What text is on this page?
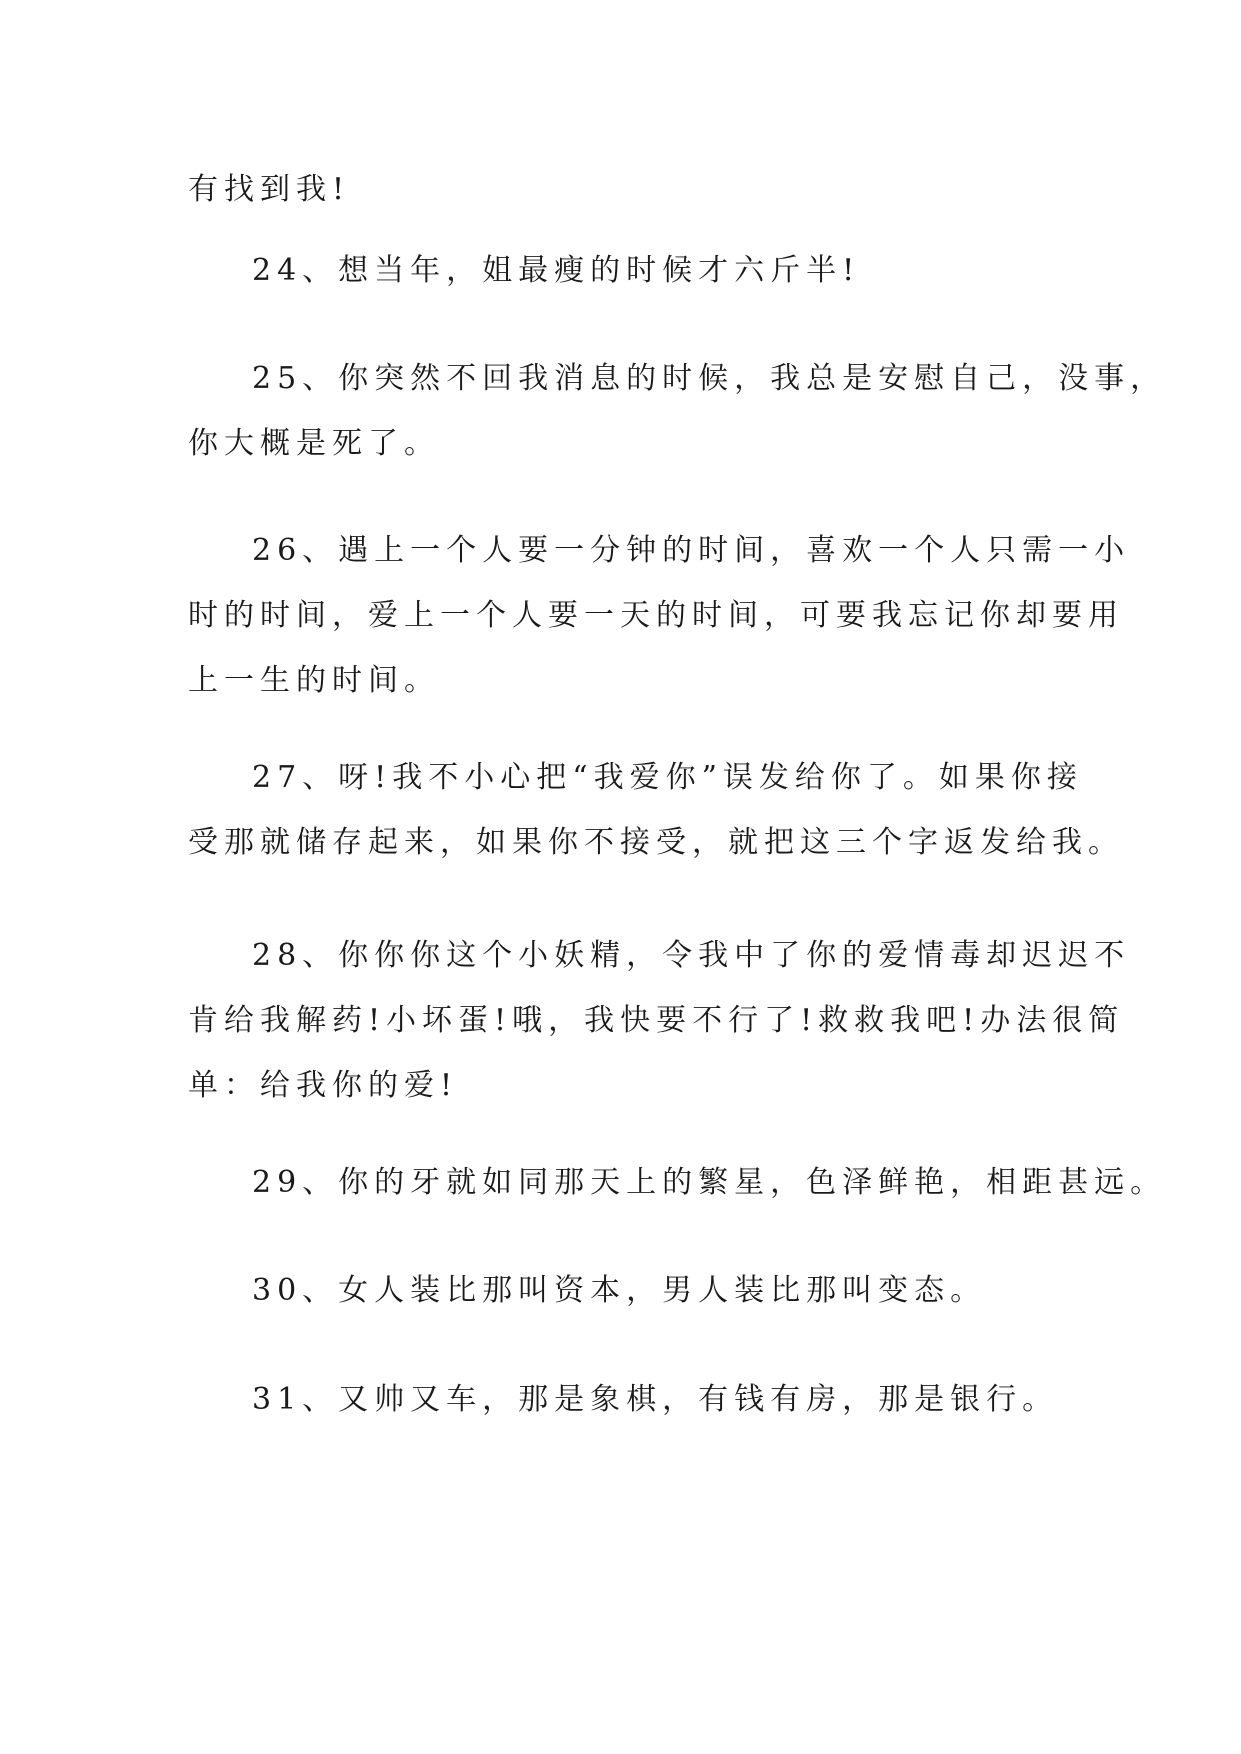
有找到我!
24、想当年，姐最瘦的时候才六斤半!
25、你突然不回我消息的时候，我总是安慰自己，没事，
你大概是死了。
26、遇上一个人要一分钟的时间，喜欢一个人只需一小
时的时间，爱上一个人要一天的时间，可要我忘记你却要用
上一生的时间。
27、呀!我不小心把“我爱你”误发给你了。如果你接
受那就储存起来，如果你不接受，就把这三个字返发给我。
28、你你你这个小妖精，令我中了你的爱情毒却迟迟不
肯给我解药!小坏蛋!哦，我快要不行了!救救我吧!办法很简
单：给我你的爱!
29、你的牙就如同那天上的繁星，色泽鲜艳，相距甚远。
30、女人装比那叫资本，男人装比那叫变态。
31、又帅又车，那是象棋，有钱有房，那是银行。
